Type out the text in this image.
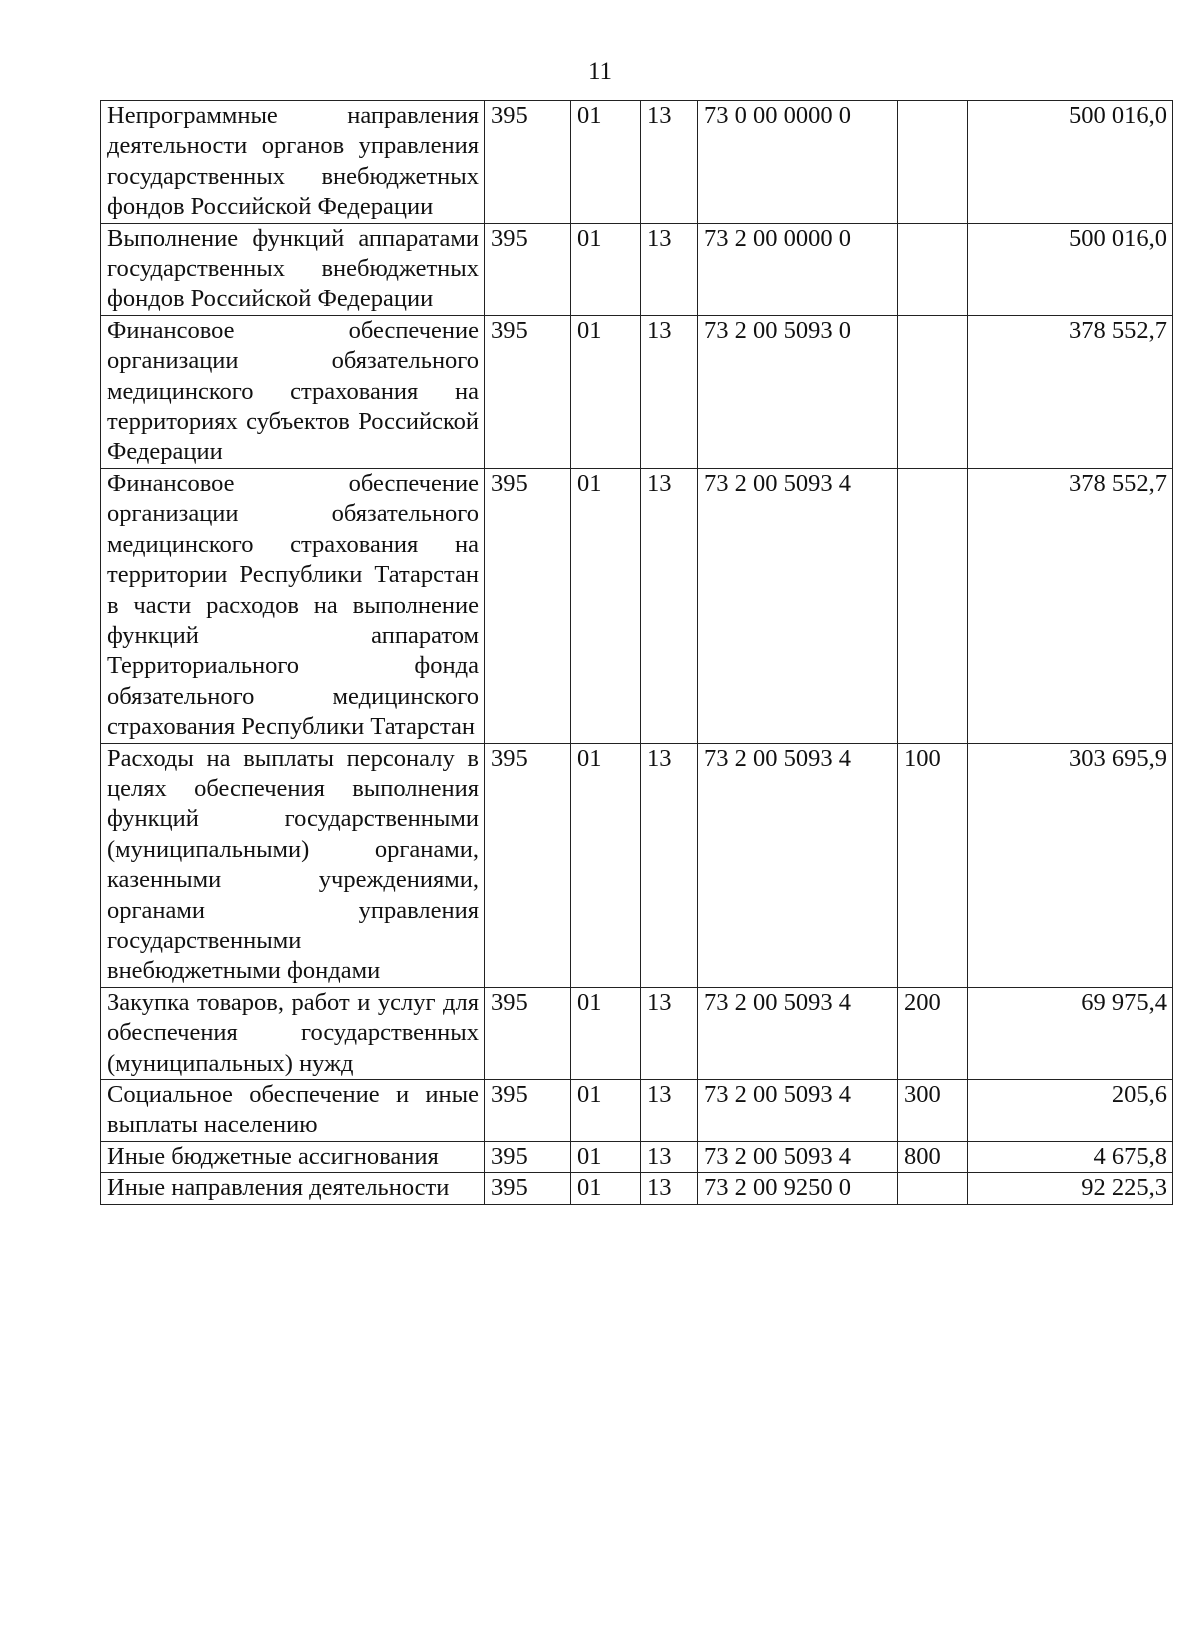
11
Непрограммные направления деятельности органов управления государственных внебюджетных фондов Российской Федерации	395	01	13	73 0 00 0000 0		500 016,0
Выполнение функций аппаратами государственных внебюджетных фондов Российской Федерации	395	01	13	73 2 00 0000 0		500 016,0
Финансовое обеспечение организации обязательного медицинского страхования на территориях субъектов Российской Федерации	395	01	13	73 2 00 5093 0		378 552,7
Финансовое обеспечение организации обязательного медицинского страхования на территории Республики Татарстан в части расходов на выполнение функций аппаратом Территориального фонда обязательного медицинского страхования Республики Татарстан	395	01	13	73 2 00 5093 4		378 552,7
Расходы на выплаты персоналу в целях обеспечения выполнения функций государственными (муниципальными) органами, казенными учреждениями, органами управления государственными внебюджетными фондами	395	01	13	73 2 00 5093 4	100	303 695,9
Закупка товаров, работ и услуг для обеспечения государственных (муниципальных) нужд	395	01	13	73 2 00 5093 4	200	69 975,4
Социальное обеспечение и иные выплаты населению	395	01	13	73 2 00 5093 4	300	205,6
Иные бюджетные ассигнования	395	01	13	73 2 00 5093 4	800	4 675,8
Иные направления деятельности	395	01	13	73 2 00 9250 0		92 225,3
